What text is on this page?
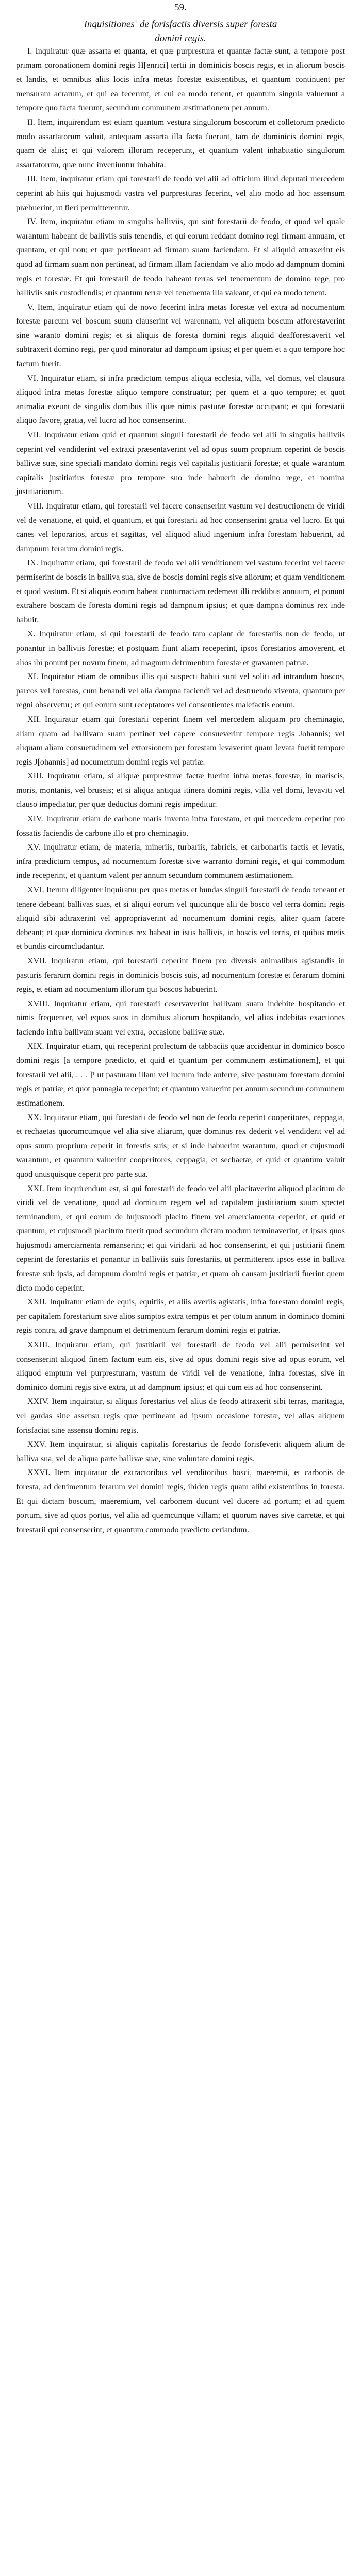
59.
Inquisitiones$^1$ de forisfactis diversis super foresta
domini regis.

I. Inquiratur quæ assarta et quanta, et quæ purprestura et quantæ factæ sunt, a tempore post primam coronationem domini regis H[enrici] tertii in dominicis boscis regis, et in aliorum boscis et landis, et omnibus aliis locis infra metas forestæ existentibus, et quantum continuent per mensuram acrarum, et qui ea fecerunt, et cui ea modo tenent, et quantum singula valuerunt a tempore quo facta fuerunt, secundum communem æstimationem per annum.

II. Item, inquirendum est etiam quantum vestura singulorum boscorum et colletorum prædicto modo assartatorum valuit, antequam assarta illa facta fuerunt, tam de dominicis domini regis, quam de aliis; et qui valorem illorum receperunt, et quantum valent inhabitatio singulorum assartatorum, quæ nunc inveniuntur inhabita.

III. Item, inquiratur etiam qui forestarii de feodo vel alii ad officium illud deputati mercedem ceperint ab hiis qui hujusmodi vastra vel purpresturas fecerint, vel alio modo ad hoc assensum præbuerint, ut fieri permitterentur.

IV. Item, inquiratur etiam in singulis balliviis, qui sint forestarii de feodo, et quod vel quale warantum habeant de balliviis suis tenendis, et qui eorum reddant domino regi firmam annuam, et quantam, et qui non; et quæ pertineant ad firmam suam faciendam. Et si aliquid attraxerint eis quod ad firmam suam non pertineat, ad firmam illam faciendam ve alio modo ad dampnum domini regis et forestæ. Et qui forestarii de feodo habeant terras vel tenementum de domino rege, pro balliviis suis custodiendis; et quantum terræ vel tenementa illa valeant, et qui ea modo tenent.

V. Item, inquiratur etiam qui de novo fecerint infra metas forestæ vel extra ad nocumentum forestæ parcum vel boscum suum clauserint vel warennam, vel aliquem boscum afforestaverint sine waranto domini regis; et si aliquis de foresta domini regis aliquid deafforestaverit vel subtraxerit domino regi, per quod minoratur ad dampnum ipsius; et per quem et a quo tempore hoc factum fuerit.

VI. Inquiratur etiam, si infra prædictum tempus aliqua ecclesia, villa, vel domus, vel clausura aliquod infra metas forestæ aliquo tempore construatur; per quem et a quo tempore; et quot animalia exeunt de singulis domibus illis quæ nimis pasturæ forestæ occupant; et qui forestarii aliquo favore, gratia, vel lucro ad hoc consenserint.

VII. Inquiratur etiam quid et quantum singuli forestarii de feodo vel alii in singulis balliviis ceperint vel vendiderint vel extraxi præsentaverint vel ad opus suum proprium ceperint de boscis ballivæ suæ, sine speciali mandato domini regis vel capitalis justitiarii forestæ; et quale warantum capitalis justitiarius forestæ pro tempore suo inde habuerit de domino rege, et nomina justitiariorum.

VIII. Inquiratur etiam, qui forestarii vel facere consenserint vastum vel destructionem de viridi vel de venatione, et quid, et quantum, et qui forestarii ad hoc consenserint gratia vel lucro. Et qui canes vel leporarios, arcus et sagittas, vel aliquod aliud ingenium infra forestam habuerint, ad dampnum ferarum domini regis.

IX. Inquiratur etiam, qui forestarii de feodo vel alii venditionem vel vastum fecerint vel facere permiserint de boscis in balliva sua, sive de boscis domini regis sive aliorum; et quam venditionem et quod vastum. Et si aliquis eorum habeat contumaciam redemeat illi reddibus annuum, et ponunt extrahere boscam de foresta domini regis ad dampnum ipsius; et quæ dampna dominus rex inde habuit.

X. Inquiratur etiam, si qui forestarii de feodo tam capiant de forestariis non de feodo, ut ponantur in balliviis forestæ; et postquam fiunt aliam receperint, ipsos forestarios amoverent, et alios ibi ponunt per novum finem, ad magnum detrimentum forestæ et gravamen patriæ.

XI. Inquiratur etiam de omnibus illis qui suspecti habiti sunt vel soliti ad intrandum boscos, parcos vel forestas, cum benandi vel alia dampna faciendi vel ad destruendo viventa, quantum per regni observetur; et qui eorum sunt receptatores vel consentientes malefactis eorum.

XII. Inquiratur etiam qui forestarii ceperint finem vel mercedem aliquam pro cheminagio, aliam quam ad ballivam suam pertinet vel capere consueverint tempore regis Johannis; vel aliquam aliam consuetudinem vel extorsionem per forestam levaverint quam levata fuerit tempore regis J[ohannis] ad nocumentum domini regis vel patriæ.

XIII. Inquiratur etiam, si aliquæ purpresturæ factæ fuerint infra metas forestæ, in mariscis, moris, montanis, vel bruseis; et si aliqua antiqua itinera domini regis, villa vel domi, levaviti vel clauso impediatur, per quæ deductus domini regis impeditur.

XIV. Inquiratur etiam de carbone maris inventa infra forestam, et qui mercedem ceperint pro fossatis faciendis de carbone illo et pro cheminagio.

XV. Inquiratur etiam, de materia, mineriis, turbariis, fabricis, et carbonariis factis et levatis, infra prædictum tempus, ad nocumentum forestæ sive warranto domini regis, et qui commodum inde receperint, et quantum valent per annum secundum communem æstimationem.

XVI. Iterum diligenter inquiratur per quas metas et bundas singuli forestarii de feodo teneant et tenere debeant ballivas suas, et si aliqui eorum vel quicunque alii de bosco vel terra domini regis aliquid sibi adtraxerint vel appropriaverint ad nocumentum domini regis, aliter quam facere debeant; et quæ dominica dominus rex habeat in istis ballivis, in boscis vel terris, et quibus metis et bundis circumcludantur.

XVII. Inquiratur etiam, qui forestarii ceperint finem pro diversis animalibus agistandis in pasturis ferarum domini regis in dominicis boscis suis, ad nocumentum forestæ et ferarum domini regis, et etiam ad nocumentum illorum qui boscos habuerint.

XVIII. Inquiratur etiam, qui forestarii ceservaverint ballivam suam indebite hospitando et nimis frequenter, vel equos suos in domibus aliorum hospitando, vel alias indebitas exactiones faciendo infra ballivam suam vel extra, occasione ballivæ suæ.

XIX. Inquiratur etiam, qui receperint prolectum de tabbaciis quæ accidentur in dominico bosco domini regis [a tempore prædicto, et quid et quantum per communem æstimationem], et qui forestarii vel alii, . . . ]¹ ut pasturam illam vel lucrum inde auferre, sive pasturam forestam domini regis et patriæ; et quot pannagia receperint; et quantum valuerint per annum secundum communem æstimationem.

XX. Inquiratur etiam, qui forestarii de feodo vel non de feodo ceperint cooperitores, ceppagia, et rechaetas quorumcumque vel alia sive aliarum, quæ dominus rex dederit vel vendiderit vel ad opus suum proprium ceperit in forestis suis; et si inde habuerint warantum, quod et cujusmodi warantum, et quantum valuerint cooperitores, ceppagia, et sechaetæ, et quid et quantum valuit quod unusquisque ceperit pro parte sua.

XXI. Item inquirendum est, si qui forestarii de feodo vel alii placitaverint aliquod placitum de viridi vel de venatione, quod ad dominum regem vel ad capitalem justitiarium suum spectet terminandum, et qui eorum de hujusmodi placito finem vel amerciamenta ceperint, et quid et quantum, et cujusmodi placitum fuerit quod secundum dictam modum terminaverint, et ipsas quos hujusmodi amerciamenta remanserint; et qui viridarii ad hoc consenserint, et qui justitiarii finem ceperint de forestariis et ponantur in balliviis suis forestariis, ut permitterent ipsos esse in balliva forestæ sub ipsis, ad dampnum domini regis et patriæ, et quam ob causam justitiarii fuerint quem dicto modo ceperint.

XXII. Inquiratur etiam de equis, equitiis, et aliis averiis agistatis, infra forestam domini regis, per capitalem forestarium sive alios sumptos extra tempus et per totum annum in dominico domini regis contra, ad grave dampnum et detrimentum ferarum domini regis et patriæ.

XXIII. Inquiratur etiam, qui justitiarii vel forestarii de feodo vel alii permiserint vel consenserint aliquod finem factum eum eis, sive ad opus domini regis sive ad opus eorum, vel aliquod emptum vel purpresturam, vastum de viridi vel de venatione, infra forestas, sive in dominico domini regis sive extra, ut ad dampnum ipsius; et qui cum eis ad hoc consenserint.

XXIV. Item inquiratur, si aliquis forestarius vel alius de feodo attraxerit sibi terras, maritagia, vel gardas sine assensu regis quæ pertineant ad ipsum occasione forestæ, vel alias aliquem forisfaciat sine assensu domini regis.

XXV. Item inquiratur, si aliquis capitalis forestarius de feodo forisfeverit aliquem alium de balliva sua, vel de aliqua parte ballivæ suæ, sine voluntate domini regis.

XXVI. Item inquiratur de extractoribus vel venditoribus bosci, maeremii, et carbonis de foresta, ad detrimentum ferarum vel domini regis, ibiden regis quam alibi existentibus in foresta. Et qui dictam boscum, maeremium, vel carbonem ducunt vel ducere ad portum; et ad quem portum, sive ad quos portus, vel alia ad quemcunque villam; et quorum naves sive carretæ, et qui forestarii qui consenserint, et quantum commodo prædicto ceriandum.
